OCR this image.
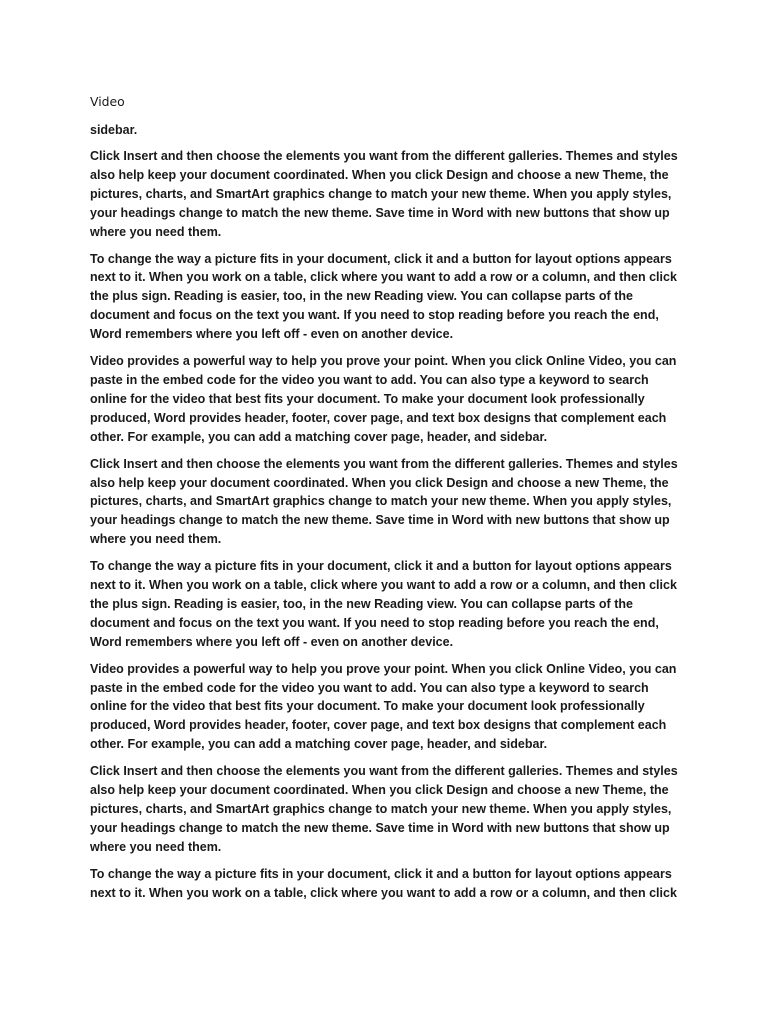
Video

sidebar.

Click Insert and then choose the elements you want from the different galleries. Themes and styles also help keep your document coordinated. When you click Design and choose a new Theme, the pictures, charts, and SmartArt graphics change to match your new theme. When you apply styles, your headings change to match the new theme. Save time in Word with new buttons that show up where you need them.

To change the way a picture fits in your document, click it and a button for layout options appears next to it. When you work on a table, click where you want to add a row or a column, and then click the plus sign. Reading is easier, too, in the new Reading view. You can collapse parts of the document and focus on the text you want. If you need to stop reading before you reach the end, Word remembers where you left off - even on another device.

Video provides a powerful way to help you prove your point. When you click Online Video, you can paste in the embed code for the video you want to add. You can also type a keyword to search online for the video that best fits your document. To make your document look professionally produced, Word provides header, footer, cover page, and text box designs that complement each other. For example, you can add a matching cover page, header, and sidebar.

Click Insert and then choose the elements you want from the different galleries. Themes and styles also help keep your document coordinated. When you click Design and choose a new Theme, the pictures, charts, and SmartArt graphics change to match your new theme. When you apply styles, your headings change to match the new theme. Save time in Word with new buttons that show up where you need them.

To change the way a picture fits in your document, click it and a button for layout options appears next to it. When you work on a table, click where you want to add a row or a column, and then click the plus sign. Reading is easier, too, in the new Reading view. You can collapse parts of the document and focus on the text you want. If you need to stop reading before you reach the end, Word remembers where you left off - even on another device.

Video provides a powerful way to help you prove your point. When you click Online Video, you can paste in the embed code for the video you want to add. You can also type a keyword to search online for the video that best fits your document. To make your document look professionally produced, Word provides header, footer, cover page, and text box designs that complement each other. For example, you can add a matching cover page, header, and sidebar.

Click Insert and then choose the elements you want from the different galleries. Themes and styles also help keep your document coordinated. When you click Design and choose a new Theme, the pictures, charts, and SmartArt graphics change to match your new theme. When you apply styles, your headings change to match the new theme. Save time in Word with new buttons that show up where you need them.

To change the way a picture fits in your document, click it and a button for layout options appears next to it. When you work on a table, click where you want to add a row or a column, and then click
